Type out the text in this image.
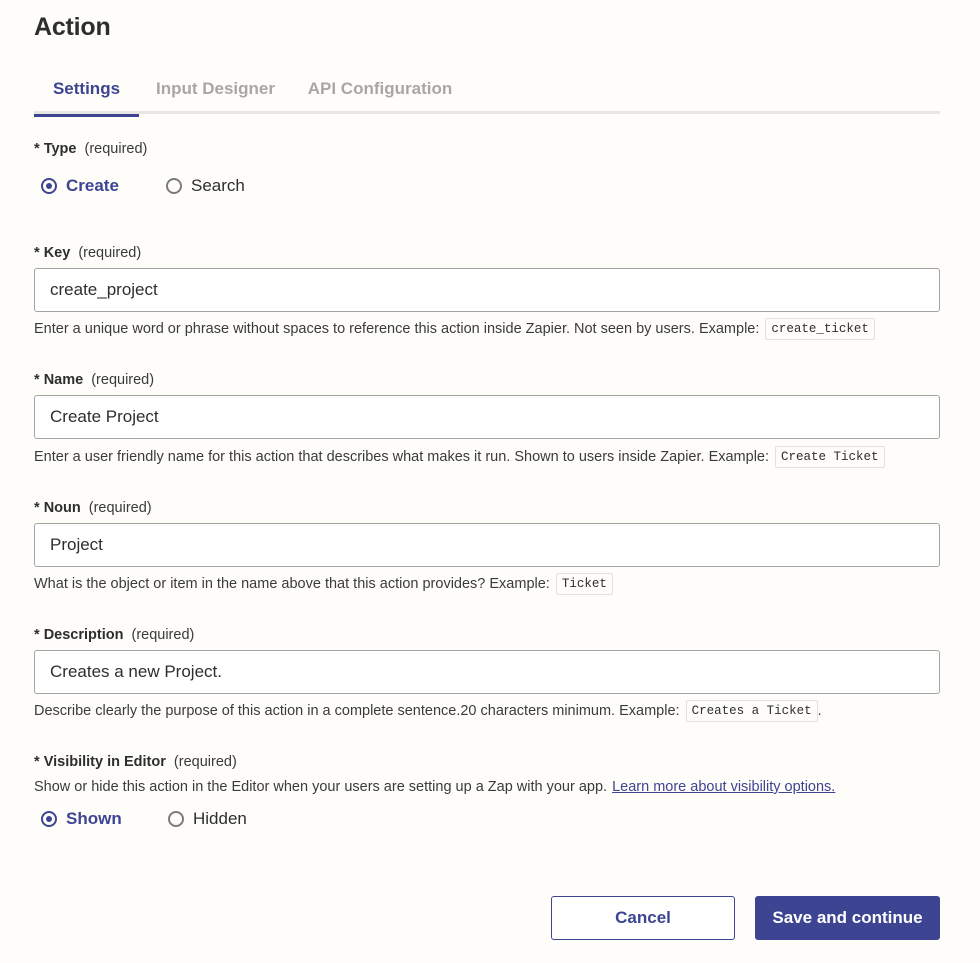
Action
Settings	Input Designer	API Configuration
* Type (required)
Create	Search
* Key (required)
create_project
Enter a unique word or phrase without spaces to reference this action inside Zapier. Not seen by users. Example: create_ticket
* Name (required)
Create Project
Enter a user friendly name for this action that describes what makes it run. Shown to users inside Zapier. Example: Create Ticket
* Noun (required)
Project
What is the object or item in the name above that this action provides? Example: Ticket
* Description (required)
Creates a new Project.
Describe clearly the purpose of this action in a complete sentence.20 characters minimum. Example: Creates a Ticket .
* Visibility in Editor (required)
Show or hide this action in the Editor when your users are setting up a Zap with your app. Learn more about visibility options.
Shown	Hidden
Cancel	Save and continue
